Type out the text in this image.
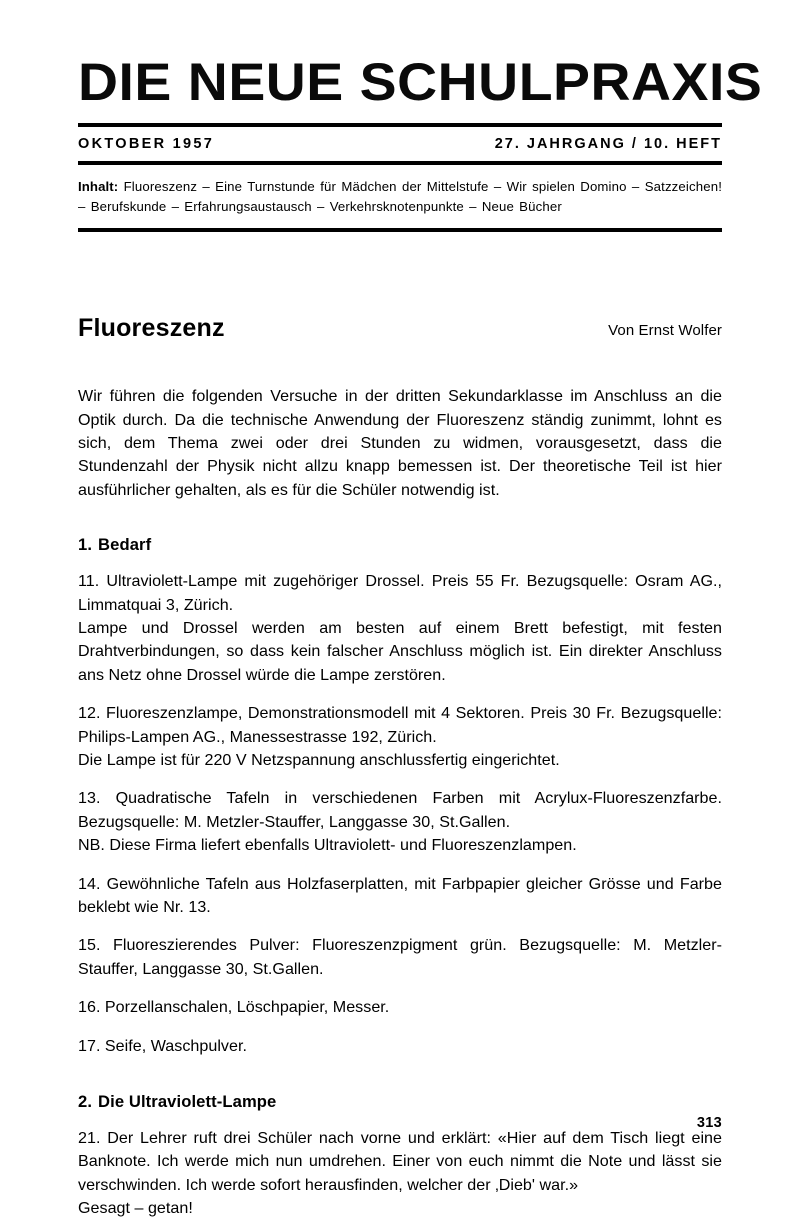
DIE NEUE SCHULPRAXIS
OKTOBER 1957	27. JAHRGANG / 10. HEFT
Inhalt: Fluoreszenz – Eine Turnstunde für Mädchen der Mittelstufe – Wir spielen Domino – Satzzeichen! – Berufskunde – Erfahrungsaustausch – Verkehrsknotenpunkte – Neue Bücher
Fluoreszenz	Von Ernst Wolfer

Wir führen die folgenden Versuche in der dritten Sekundarklasse im Anschluss an die Optik durch. Da die technische Anwendung der Fluoreszenz ständig zunimmt, lohnt es sich, dem Thema zwei oder drei Stunden zu widmen, vorausgesetzt, dass die Stundenzahl der Physik nicht allzu knapp bemessen ist. Der theoretische Teil ist hier ausführlicher gehalten, als es für die Schüler notwendig ist.

1. Bedarf

11. Ultraviolett-Lampe mit zugehöriger Drossel. Preis 55 Fr. Bezugsquelle: Osram AG., Limmatquai 3, Zürich.

Lampe und Drossel werden am besten auf einem Brett befestigt, mit festen Drahtverbindungen, so dass kein falscher Anschluss möglich ist. Ein direkter Anschluss ans Netz ohne Drossel würde die Lampe zerstören.

12. Fluoreszenzlampe, Demonstrationsmodell mit 4 Sektoren. Preis 30 Fr. Bezugsquelle: Philips-Lampen AG., Manessestrasse 192, Zürich.

Die Lampe ist für 220 V Netzspannung anschlussfertig eingerichtet.

13. Quadratische Tafeln in verschiedenen Farben mit Acrylux-Fluoreszenzfarbe. Bezugsquelle: M. Metzler-Stauffer, Langgasse 30, St.Gallen.

NB. Diese Firma liefert ebenfalls Ultraviolett- und Fluoreszenzlampen.

14. Gewöhnliche Tafeln aus Holzfaserplatten, mit Farbpapier gleicher Grösse und Farbe beklebt wie Nr. 13.

15. Fluoreszierendes Pulver: Fluoreszenzpigment grün. Bezugsquelle: M. Metzler-Stauffer, Langgasse 30, St.Gallen.

16. Porzellanschalen, Löschpapier, Messer.

17. Seife, Waschpulver.

2. Die Ultraviolett-Lampe

21. Der Lehrer ruft drei Schüler nach vorne und erklärt: «Hier auf dem Tisch liegt eine Banknote. Ich werde mich nun umdrehen. Einer von euch nimmt die Note und lässt sie verschwinden. Ich werde sofort herausfinden, welcher der ‚Dieb' war.»

Gesagt – getan!

313
